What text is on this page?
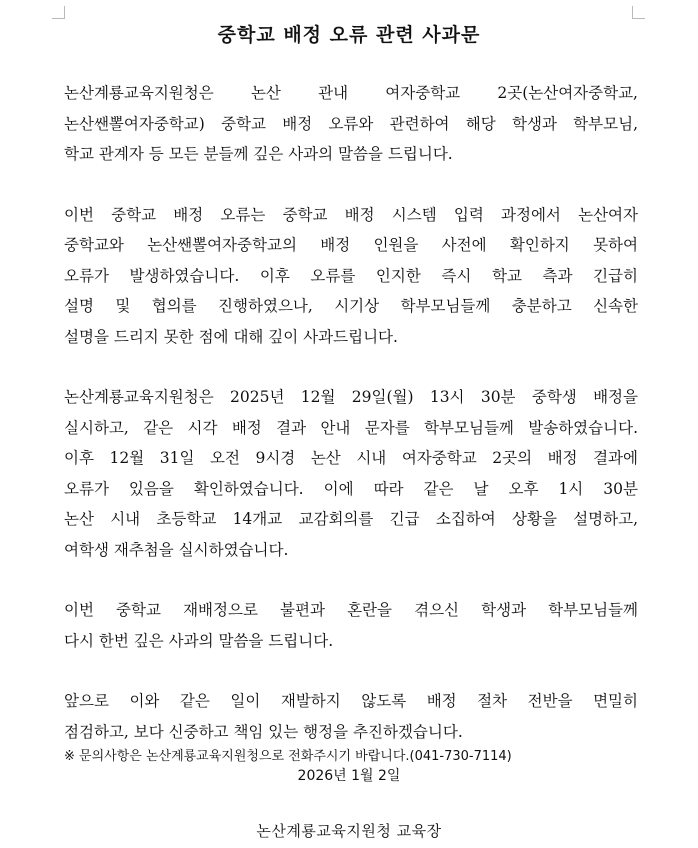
중학교 배정 오류 관련 사과문

논산계룡교육지원청은 논산 관내 여자중학교 2곳(논산여자중학교,

논산쌘뽈여자중학교) 중학교 배정 오류와 관련하여 해당 학생과 학부모님,

학교 관계자 등 모든 분들께 깊은 사과의 말씀을 드립니다.

이번 중학교 배정 오류는 중학교 배정 시스템 입력 과정에서 논산여자

중학교와 논산쌘뽈여자중학교의 배정 인원을 사전에 확인하지 못하여

오류가 발생하였습니다. 이후 오류를 인지한 즉시 학교 측과 긴급히

설명 및 협의를 진행하였으나, 시기상 학부모님들께 충분하고 신속한

설명을 드리지 못한 점에 대해 깊이 사과드립니다.

논산계룡교육지원청은 2025년 12월 29일(월) 13시 30분 중학생 배정을

실시하고, 같은 시각 배정 결과 안내 문자를 학부모님들께 발송하였습니다.

이후 12월 31일 오전 9시경 논산 시내 여자중학교 2곳의 배정 결과에

오류가 있음을 확인하였습니다. 이에 따라 같은 날 오후 1시 30분

논산 시내 초등학교 14개교 교감회의를 긴급 소집하여 상황을 설명하고,

여학생 재추첨을 실시하였습니다.

이번 중학교 재배정으로 불편과 혼란을 겪으신 학생과 학부모님들께

다시 한번 깊은 사과의 말씀을 드립니다.

앞으로 이와 같은 일이 재발하지 않도록 배정 절차 전반을 면밀히

점검하고, 보다 신중하고 책임 있는 행정을 추진하겠습니다.

※ 문의사항은 논산계룡교육지원청으로 전화주시기 바랍니다.(041-730-7114)

2026년 1월 2일
논산계룡교육지원청 교육장
